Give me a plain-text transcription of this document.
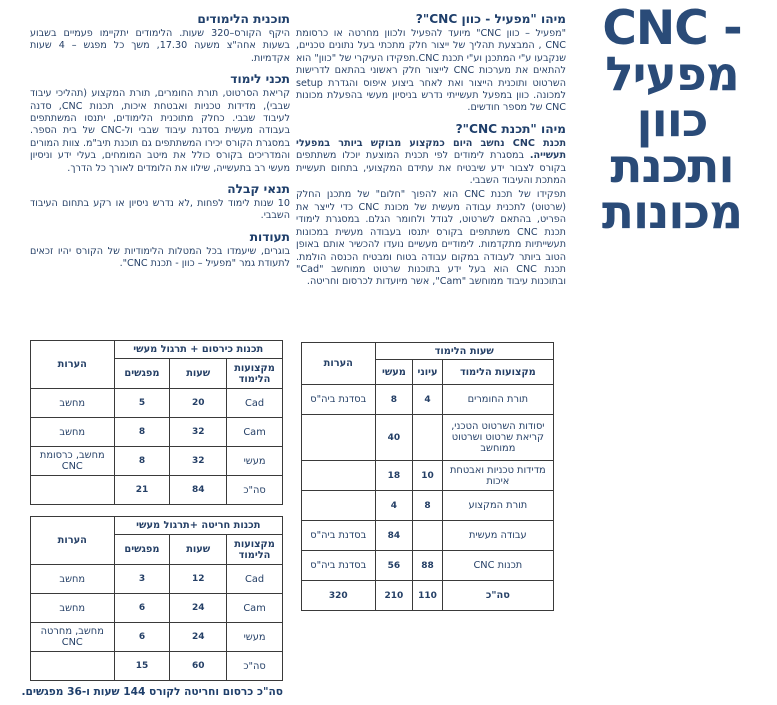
CNC -
מפעיל
כוון
ותכנת
מכונות
מיהו "מפעיל - כוון CNC"?
"מפעיל – כוון CNC" מיועד להפעיל ולכוון מחרטה או כרסומת CNC , המבצעת תהליך של ייצור חלק מתכתי בעל נתונים טכניים, שנקבעו ע"י המתכנן וע"י תכנת CNC.תפקידו העיקרי של "כוון" הוא להתאים את מערכות CNC לייצור חלק ראשוני בהתאם לדרישות השרטוט ותוכנית הייצור ואת לאחר ביצוע איפוס והגדרת setup למכונה. כוון במפעל תעשייתי נדרש בניסיון מעשי בהפעלת מכונות CNC של מספר חודשים.
מיהו "תכנת CNC"?
תכנת CNC נחשב היום כמקצוע מבוקש ביותר במפעלי תעשייה. במסגרת לימודים לפי תכנית המוצעת יוכלו משתתפים בקורס לצבור ידע שיבטיח את עתידם המקצועי, בתחום תעשיית המתכת והעיבוד השבבי.
תפקידו של תכנת CNC הוא להפוך "חלום" של מתכנן החלק (שרטוט) לתכנית עבודה מעשית של מכונת CNC כדי לייצר את הפריט, בהתאם לשרטוט, לגודל ולחומר הגלם. במסגרת לימודי תכנת CNC משתתפים בקורס יתנסו בעבודה מעשית במכונות תעשייתיות מתקדמות. לימודיים מעשיים נועדו להכשיר אותם באופן הטוב ביותר לעבודה במקום עבודה בטוח ומבטיח הכנסה הולמת. תכנת CNC הוא בעל ידע בתוכנות שרטוט ממוחשב "Cad" ובתוכנות עיבוד ממוחשב "Cam", אשר מיועדות לכרסום וחריטה.
תוכנית הלימודים
היקף הקורס–320 שעות. הלימודים יתקיימו פעמיים בשבוע בשעות אחה"צ משעה 17.30, משך כל מפגש – 4 שעות אקדמיות.
תכני לימוד
קריאת הסרטוט, תורת החומרים, תורת המקצוע (תהליכי עיבוד שבבי), מדידות טכניות ואבטחת איכות, תכנות CNC, סדנה לעיבוד שבבי. כחלק מתוכנית הלימודים, יתנסו המשתתפים בעבודה מעשית בסדנת עיבוד שבבי ול-CNC של בית הספר. במסגרת הקורס יכירו המשתתפים גם תוכנת תיב"מ. צוות המורים והמדריכים בקורס כולל את מיטב המומחים, בעלי ידע וניסיון מעשי רב בתעשייה, שילוו את הלומדים לאורך כל הדרך.
תנאי קבלה
10 שנות לימוד לפחות ,לא נדרש ניסיון או רקע בתחום העיבוד השבבי.
תעודות
בוגרים, שיעמדו בכל המטלות הלימודיות של הקורס יהיו זכאים לתעודת גמר "מפעיל – כוון - תכנת CNC".
שעות הלימוד			הערות
מקצועות הלימוד	עיוני	מעשי	
תורת החומרים	4	8	בסדנת ביה"ס
יסודות השרטוט הטכני, קריאת שרטוט ושרטוט ממוחשב		40	
מדידות טכניות ואבטחת איכות	10	18	
תורת המקצוע	8	4	
עבודה מעשית		84	בסדנת ביה"ס
תכנות CNC	88	56	בסדנת ביה"ס
סה"כ	110	210	320
תכנות כירסום + תרגול מעשי			הערות
מקצועות הלימוד	שעות	מפגשים	
Cad	20	5	מחשב
Cam	32	8	מחשב
מעשי	32	8	מחשב, כרסומת CNC
סה"כ	84	21	
תכנות חריטה +תרגול מעשי			הערות
מקצועות הלימוד	שעות	מפגשים	
Cad	12	3	מחשב
Cam	24	6	מחשב
מעשי	24	6	מחשב, מחרטה CNC
סה"כ	60	15	
סה"כ כרסום וחריטה לקורס 144 שעות ו-36 מפגשים.
